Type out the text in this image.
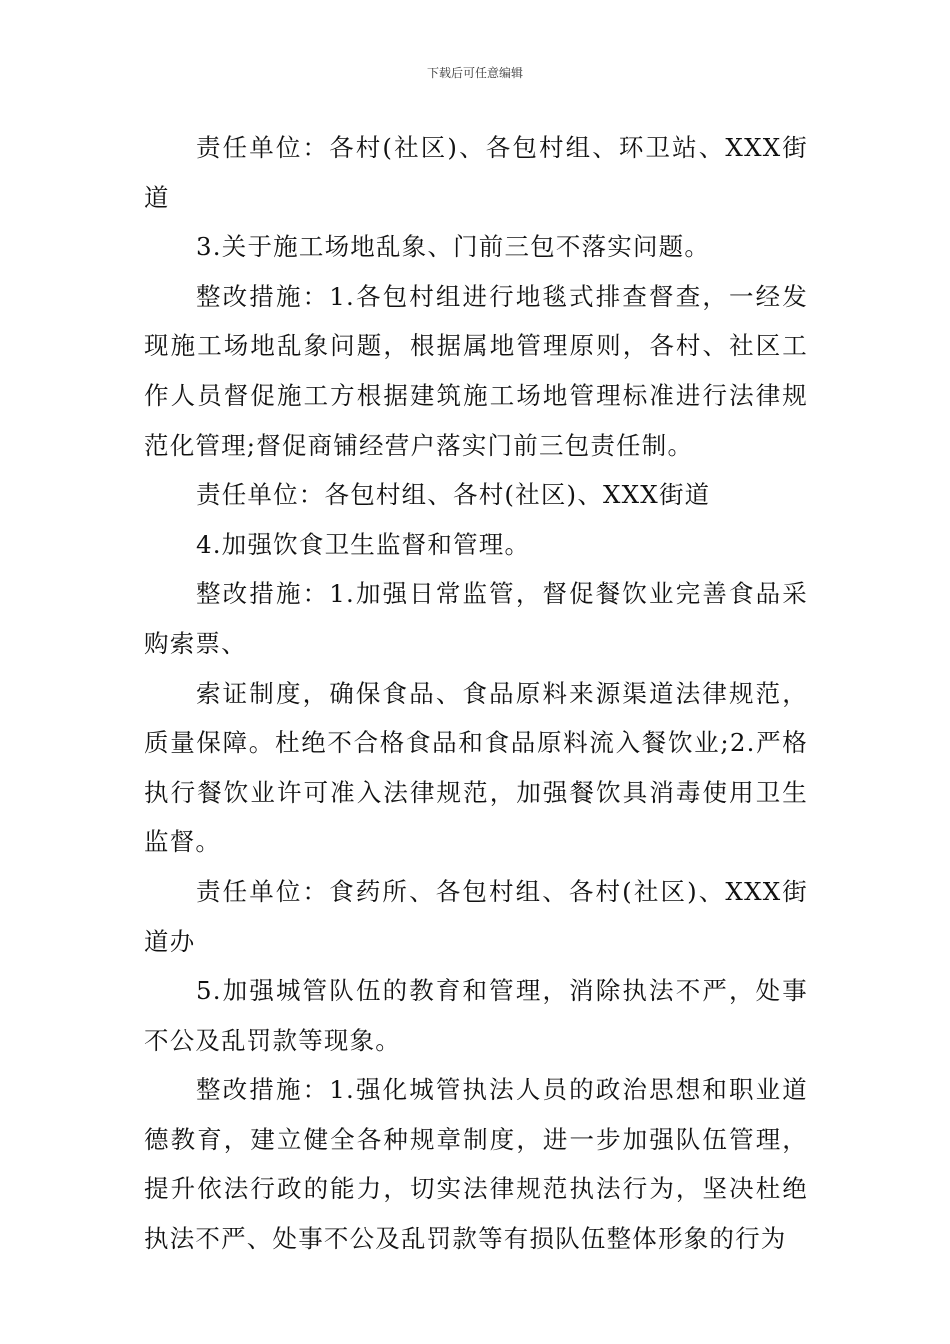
下载后可任意编辑

责任单位：各村(社区)、各包村组、环卫站、XXX街道

3.关于施工场地乱象、门前三包不落实问题。

整改措施：1.各包村组进行地毯式排查督查，一经发现施工场地乱象问题，根据属地管理原则，各村、社区工作人员督促施工方根据建筑施工场地管理标准进行法律规范化管理;督促商铺经营户落实门前三包责任制。

责任单位：各包村组、各村(社区)、XXX街道

4.加强饮食卫生监督和管理。

整改措施：1.加强日常监管，督促餐饮业完善食品采购索票、

索证制度，确保食品、食品原料来源渠道法律规范，质量保障。杜绝不合格食品和食品原料流入餐饮业;2.严格执行餐饮业许可准入法律规范，加强餐饮具消毒使用卫生监督。

责任单位：食药所、各包村组、各村(社区)、XXX街道办

5.加强城管队伍的教育和管理，消除执法不严，处事不公及乱罚款等现象。

整改措施：1.强化城管执法人员的政治思想和职业道德教育，建立健全各种规章制度，进一步加强队伍管理，提升依法行政的能力，切实法律规范执法行为，坚决杜绝执法不严、处事不公及乱罚款等有损队伍整体形象的行为
